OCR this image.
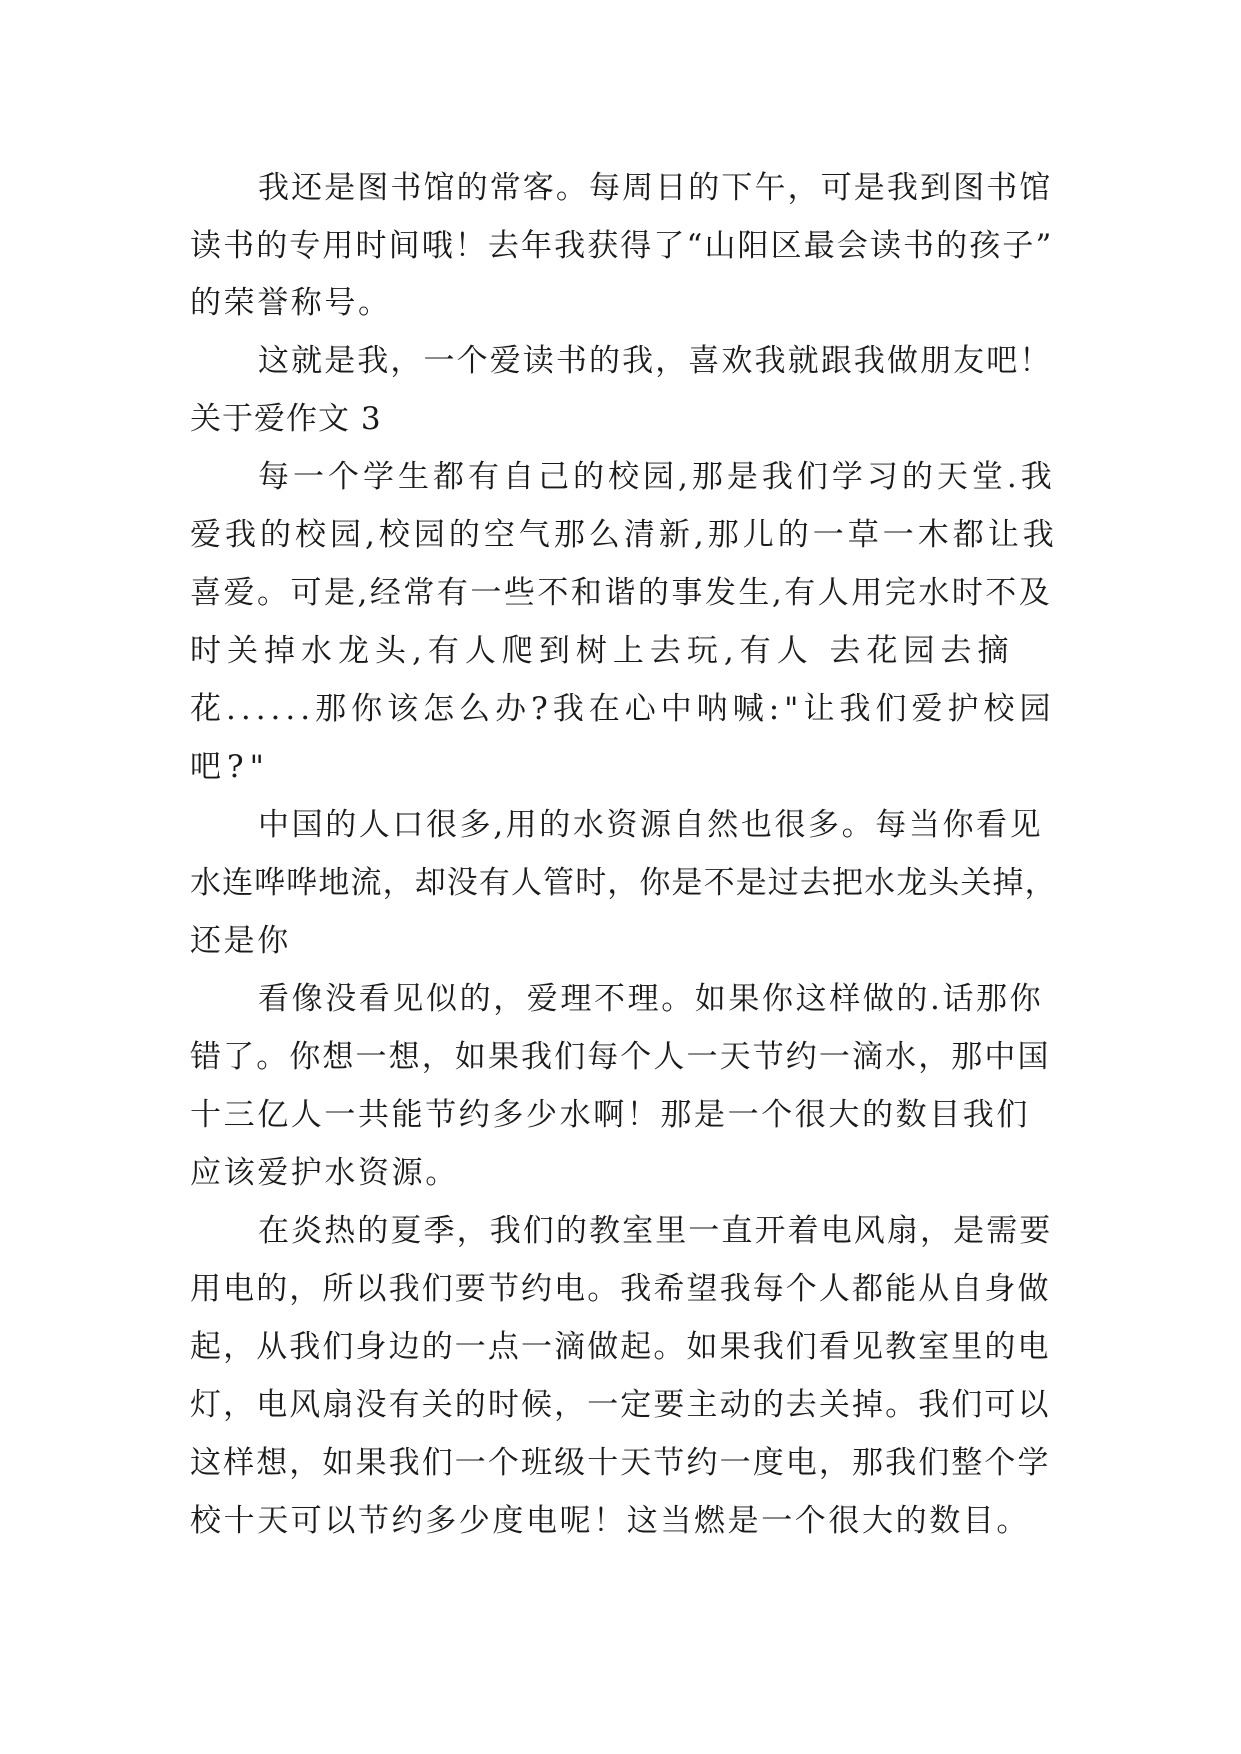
我还是图书馆的常客。每周日的下午，可是我到图书馆
读书的专用时间哦！去年我获得了“山阳区最会读书的孩子”
的荣誉称号。
这就是我，一个爱读书的我，喜欢我就跟我做朋友吧！
关于爱作文 3
每一个学生都有自己的校园,那是我们学习的天堂.我
爱我的校园,校园的空气那么清新,那儿的一草一木都让我
喜爱。可是,经常有一些不和谐的事发生,有人用完水时不及
时关掉水龙头,有人爬到树上去玩,有人 去花园去摘
花......那你该怎么办?我在心中呐喊:"让我们爱护校园
吧?"
中国的人口很多,用的水资源自然也很多。每当你看见
水连哗哗地流，却没有人管时，你是不是过去把水龙头关掉，
还是你
看像没看见似的，爱理不理。如果你这样做的.话那你
错了。你想一想，如果我们每个人一天节约一滴水，那中国
十三亿人一共能节约多少水啊！那是一个很大的数目我们
应该爱护水资源。
在炎热的夏季，我们的教室里一直开着电风扇，是需要
用电的，所以我们要节约电。我希望我每个人都能从自身做
起，从我们身边的一点一滴做起。如果我们看见教室里的电
灯，电风扇没有关的时候，一定要主动的去关掉。我们可以
这样想，如果我们一个班级十天节约一度电，那我们整个学
校十天可以节约多少度电呢！这当燃是一个很大的数目。
